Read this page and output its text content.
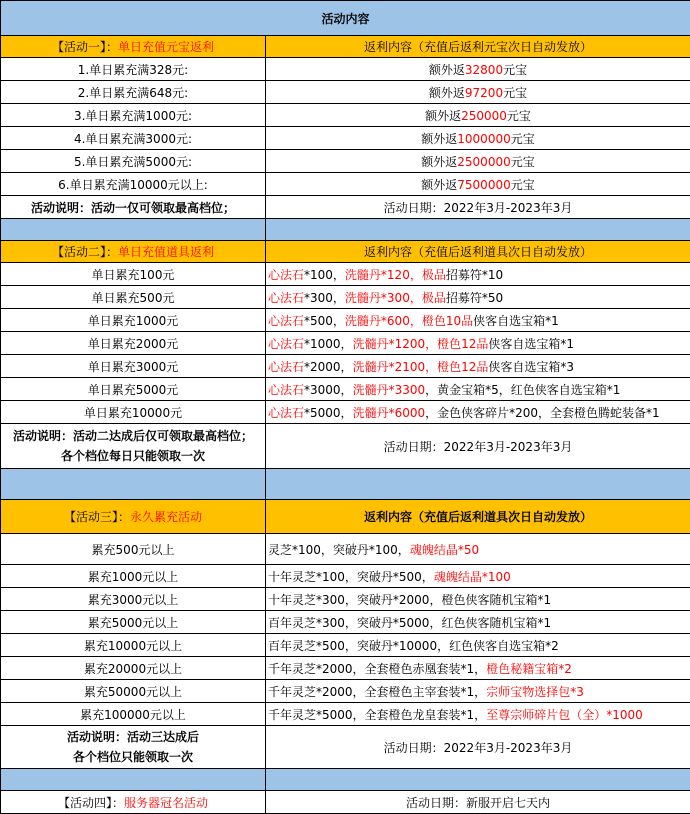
活动内容	
【活动一】：单日充值元宝返利	返利内容（充值后返利元宝次日自动发放）
1.单日累充满328元:	额外返32800元宝
2.单日累充满648元:	额外返97200元宝
3.单日累充满1000元:	额外返250000元宝
4.单日累充满3000元:	额外返1000000元宝
5.单日累充满5000元:	额外返2500000元宝
6.单日累充满10000元以上:	额外返7500000元宝
活动说明：活动一仅可领取最高档位；	活动日期：2022年3月-2023年3月

【活动二】：单日充值道具返利	返利内容（充值后返利道具次日自动发放）
单日累充100元	心法石*100，洗髓丹*120，极品招募符*10
单日累充500元	心法石*300，洗髓丹*300，极品招募符*50
单日累充1000元	心法石*500，洗髓丹*600，橙色10品侠客自选宝箱*1
单日累充2000元	心法石*1000，洗髓丹*1200，橙色12品侠客自选宝箱*1
单日累充3000元	心法石*2000，洗髓丹*2100，橙色12品侠客自选宝箱*3
单日累充5000元	心法石*3000，洗髓丹*3300，黄金宝箱*5，红色侠客自选宝箱*1
单日累充10000元	心法石*5000，洗髓丹*6000，金色侠客碎片*200，全套橙色腾蛇装备*1

活动说明：活动二达成后仅可领取最高档位；
各个档位每日只能领取一次	活动日期：2022年3月-2023年3月

【活动三】：永久累充活动	返利内容（充值后返利道具次日自动发放）
累充500元以上	灵芝*100，突破丹*100，魂魄结晶*50
累充1000元以上	十年灵芝*100，突破丹*500，魂魄结晶*100
累充3000元以上	十年灵芝*300，突破丹*2000，橙色侠客随机宝箱*1
累充5000元以上	百年灵芝*300，突破丹*5000，红色侠客随机宝箱*1
累充10000元以上	百年灵芝*500，突破丹*10000，红色侠客自选宝箱*2
累充20000元以上	千年灵芝*2000，全套橙色赤凰套装*1，橙色秘籍宝箱*2
累充50000元以上	千年灵芝*2000，全套橙色主宰套装*1，宗师宝物选择包*3
累充100000元以上	千年灵芝*5000，全套橙色龙皇套装*1，至尊宗师碎片包（全）*1000

活动说明：活动三达成后
各个档位只能领取一次	活动日期：2022年3月-2023年3月

【活动四】：服务器冠名活动	活动日期：新服开启七天内
